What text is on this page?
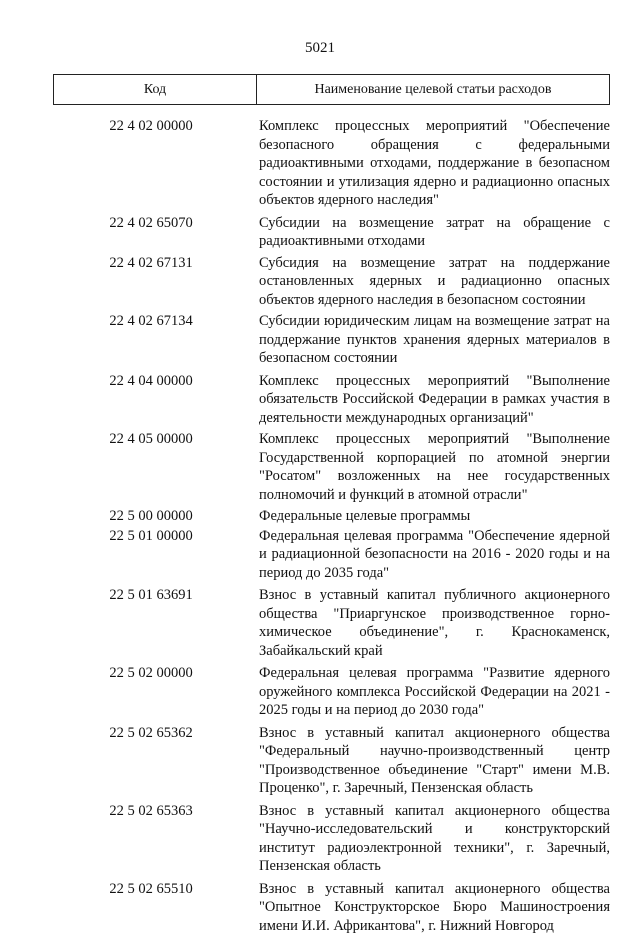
5021
Код	Наименование целевой статьи расходов
22 4 02 00000	Комплекс процессных мероприятий "Обеспечение безопасного обращения с федеральными радиоактивными отходами, поддержание в безопасном состоянии и утилизация ядерно и радиационно опасных объектов ядерного наследия"
22 4 02 65070	Субсидии на возмещение затрат на обращение с радиоактивными отходами
22 4 02 67131	Субсидия на возмещение затрат на поддержание остановленных ядерных и радиационно опасных объектов ядерного наследия в безопасном состоянии
22 4 02 67134	Субсидии юридическим лицам на возмещение затрат на поддержание пунктов хранения ядерных материалов в безопасном состоянии
22 4 04 00000	Комплекс процессных мероприятий "Выполнение обязательств Российской Федерации в рамках участия в деятельности международных организаций"
22 4 05 00000	Комплекс процессных мероприятий "Выполнение Государственной корпорацией по атомной энергии "Росатом" возложенных на нее государственных полномочий и функций в атомной отрасли"
22 5 00 00000	Федеральные целевые программы
22 5 01 00000	Федеральная целевая программа "Обеспечение ядерной и радиационной безопасности на 2016 - 2020 годы и на период до 2035 года"
22 5 01 63691	Взнос в уставный капитал публичного акционерного общества "Приаргунское производственное горно-химическое объединение", г. Краснокаменск, Забайкальский край
22 5 02 00000	Федеральная целевая программа "Развитие ядерного оружейного комплекса Российской Федерации на 2021 - 2025 годы и на период до 2030 года"
22 5 02 65362	Взнос в уставный капитал акционерного общества "Федеральный научно-производственный центр "Производственное объединение "Старт" имени М.В. Проценко", г. Заречный, Пензенская область
22 5 02 65363	Взнос в уставный капитал акционерного общества "Научно-исследовательский и конструкторский институт радиоэлектронной техники", г. Заречный, Пензенская область
22 5 02 65510	Взнос в уставный капитал акционерного общества "Опытное Конструкторское Бюро Машиностроения имени И.И. Африкантова", г. Нижний Новгород
